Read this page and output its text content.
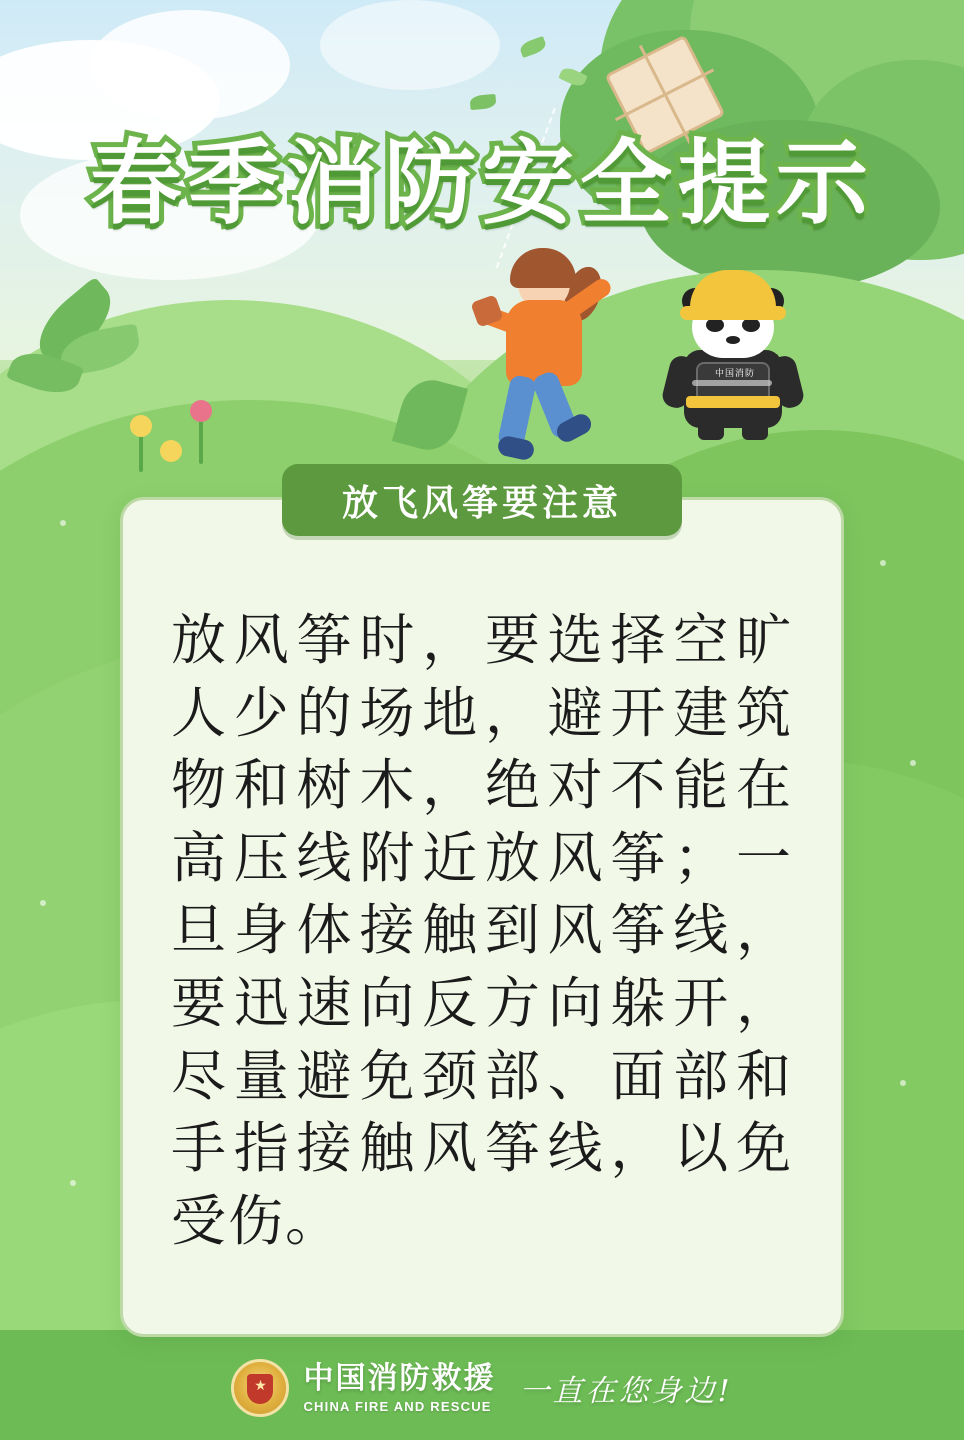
春季消防安全提示
中国消防
放飞风筝要注意
放风筝时，要选择空旷人少的场地，避开建筑物和树木，绝对不能在高压线附近放风筝；一旦身体接触到风筝线，要迅速向反方向躲开，尽量避免颈部、面部和手指接触风筝线，以免受伤。
★ 中国消防救援
CHINA FIRE AND RESCUE 一直在您身边!
